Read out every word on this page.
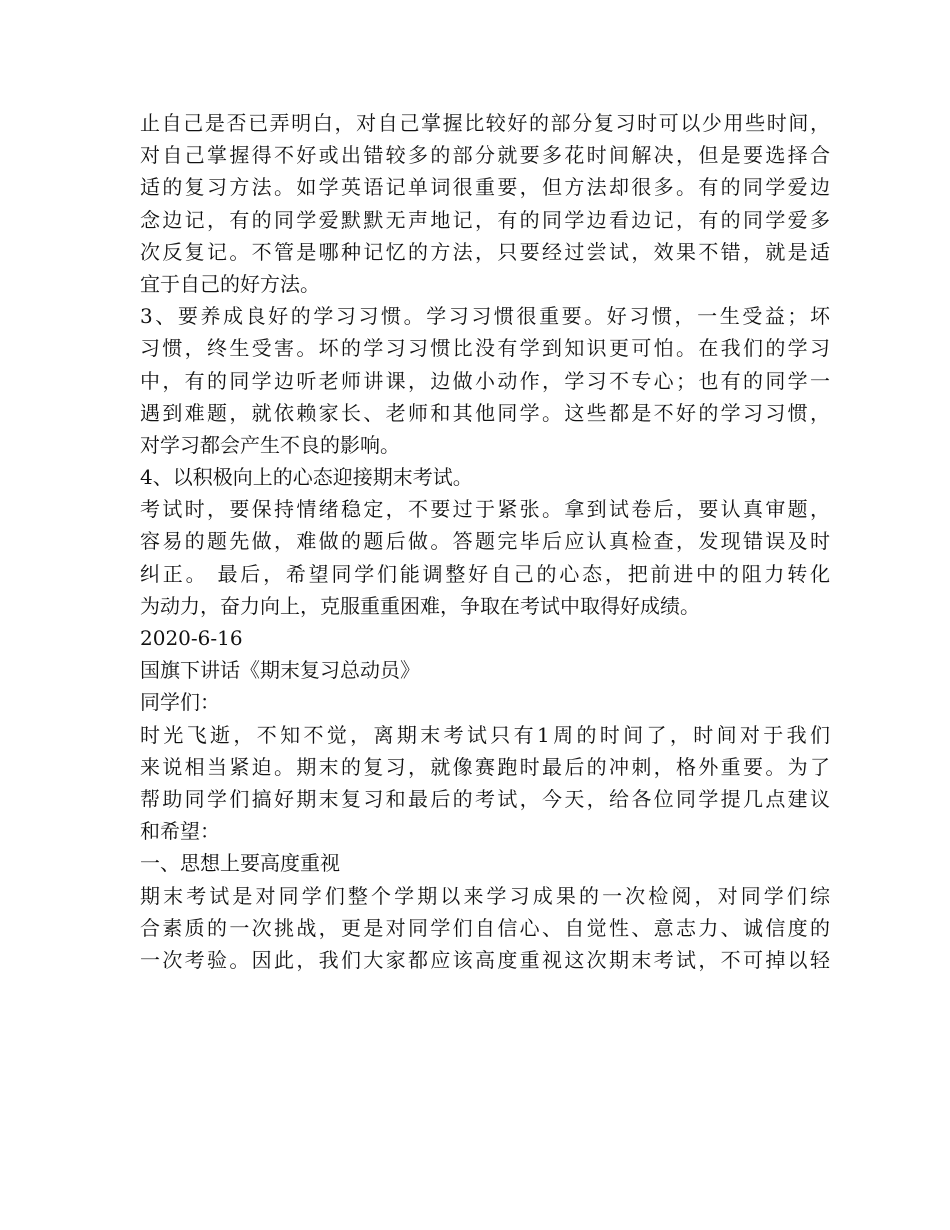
止自己是否已弄明白，对自己掌握比较好的部分复习时可以少用些时间，
对自己掌握得不好或出错较多的部分就要多花时间解决，但是要选择合
适的复习方法。如学英语记单词很重要，但方法却很多。有的同学爱边
念边记，有的同学爱默默无声地记，有的同学边看边记，有的同学爱多
次反复记。不管是哪种记忆的方法，只要经过尝试，效果不错，就是适
宜于自己的好方法。
3、要养成良好的学习习惯。学习习惯很重要。好习惯，一生受益；坏
习惯，终生受害。坏的学习习惯比没有学到知识更可怕。在我们的学习
中，有的同学边听老师讲课，边做小动作，学习不专心；也有的同学一
遇到难题，就依赖家长、老师和其他同学。这些都是不好的学习习惯，
对学习都会产生不良的影响。
4、以积极向上的心态迎接期末考试。
考试时，要保持情绪稳定，不要过于紧张。拿到试卷后，要认真审题，
容易的题先做，难做的题后做。答题完毕后应认真检查，发现错误及时
纠正。 最后，希望同学们能调整好自己的心态，把前进中的阻力转化
为动力，奋力向上，克服重重困难，争取在考试中取得好成绩。
2020-6-16
国旗下讲话《期末复习总动员》
同学们：
时光飞逝，不知不觉，离期末考试只有1周的时间了，时间对于我们
来说相当紧迫。期末的复习，就像赛跑时最后的冲刺，格外重要。为了
帮助同学们搞好期末复习和最后的考试，今天，给各位同学提几点建议
和希望：
一、思想上要高度重视
期末考试是对同学们整个学期以来学习成果的一次检阅，对同学们综
合素质的一次挑战，更是对同学们自信心、自觉性、意志力、诚信度的
一次考验。因此，我们大家都应该高度重视这次期末考试，不可掉以轻
